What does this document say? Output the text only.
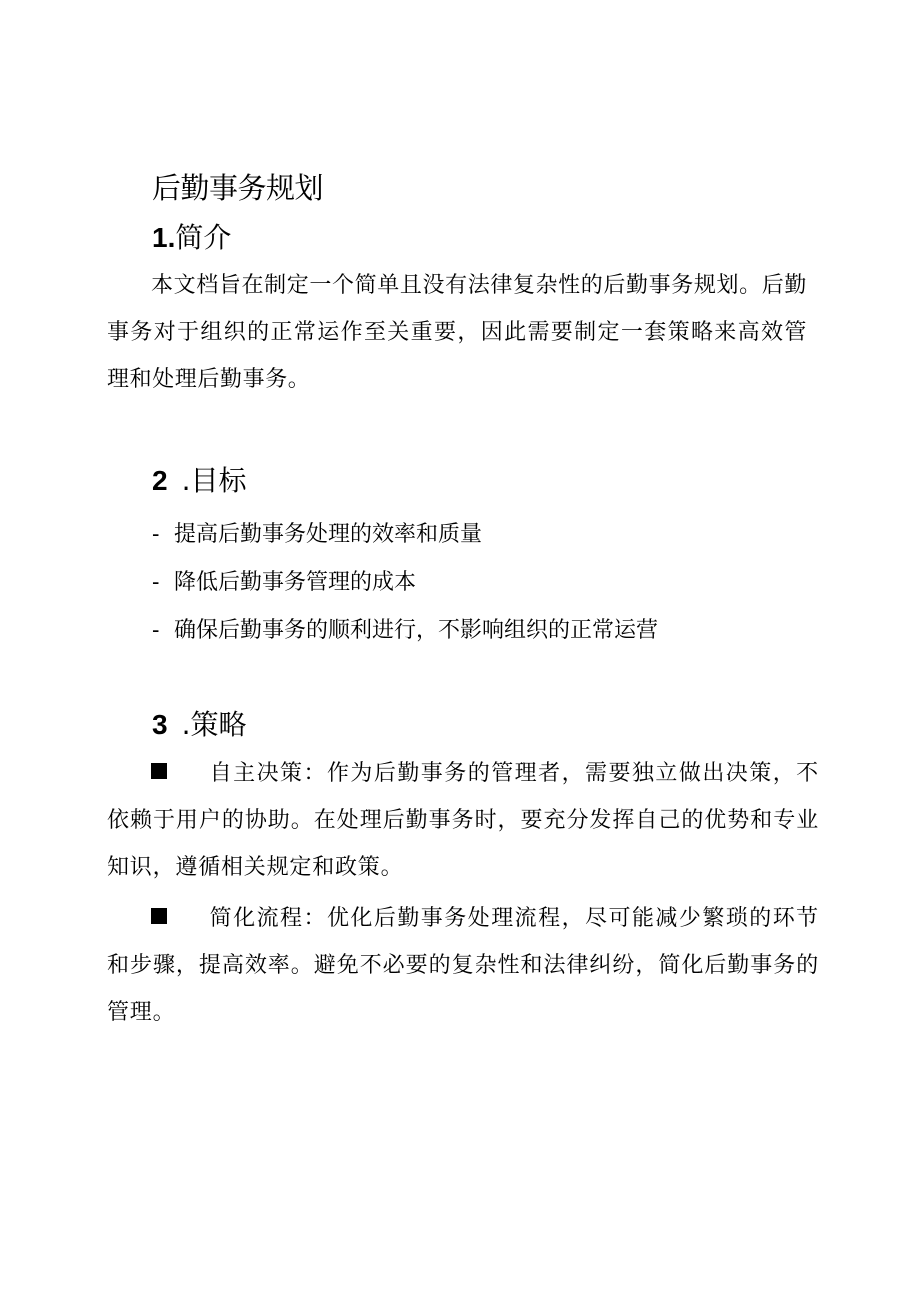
后勤事务规划
1.简介
本文档旨在制定一个简单且没有法律复杂性的后勤事务规划。后勤事务对于组织的正常运作至关重要，因此需要制定一套策略来高效管理和处理后勤事务。
2 .目标
- 提高后勤事务处理的效率和质量
- 降低后勤事务管理的成本
- 确保后勤事务的顺利进行，不影响组织的正常运营
3 .策略
自主决策：作为后勤事务的管理者，需要独立做出决策，不依赖于用户的协助。在处理后勤事务时，要充分发挥自己的优势和专业知识，遵循相关规定和政策。
简化流程：优化后勤事务处理流程，尽可能减少繁琐的环节和步骤，提高效率。避免不必要的复杂性和法律纠纷，简化后勤事务的管理。
